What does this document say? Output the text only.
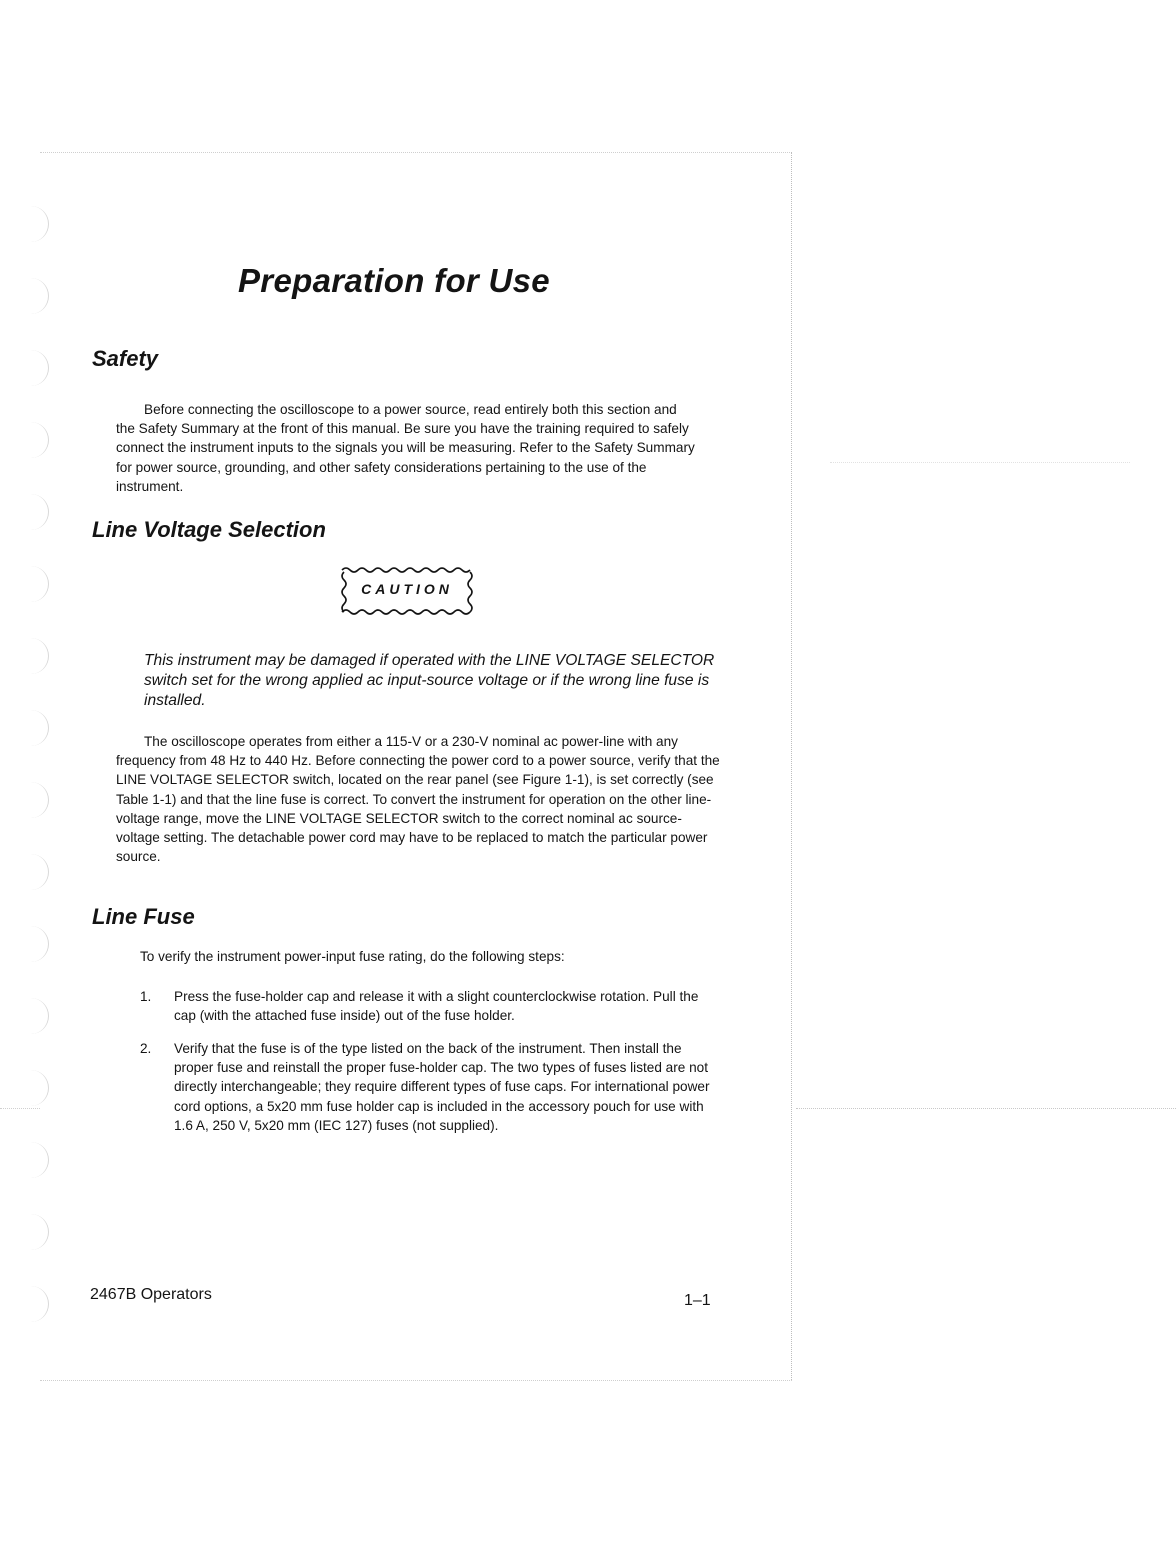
Preparation for Use
Safety

Before connecting the oscilloscope to a power source, read entirely both this section and the Safety Summary at the front of this manual. Be sure you have the training required to safely connect the instrument inputs to the signals you will be measuring. Refer to the Safety Summary for power source, grounding, and other safety considerations pertaining to the use of the instrument.

Line Voltage Selection
CAUTION

This instrument may be damaged if operated with the LINE VOLTAGE SELECTOR switch set for the wrong applied ac input-source voltage or if the wrong line fuse is installed.

The oscilloscope operates from either a 115-V or a 230-V nominal ac power-line with any frequency from 48 Hz to 440 Hz. Before connecting the power cord to a power source, verify that the LINE VOLTAGE SELECTOR switch, located on the rear panel (see Figure 1-1), is set correctly (see Table 1-1) and that the line fuse is correct. To convert the instrument for operation on the other line-voltage range, move the LINE VOLTAGE SELECTOR switch to the correct nominal ac source-voltage setting. The detachable power cord may have to be replaced to match the particular power source.

Line Fuse

To verify the instrument power-input fuse rating, do the following steps:

1. Press the fuse-holder cap and release it with a slight counterclockwise rotation. Pull the cap (with the attached fuse inside) out of the fuse holder.
2. Verify that the fuse is of the type listed on the back of the instrument. Then install the proper fuse and reinstall the proper fuse-holder cap. The two types of fuses listed are not directly interchangeable; they require different types of fuse caps. For international power cord options, a 5x20 mm fuse holder cap is included in the accessory pouch for use with 1.6 A, 250 V, 5x20 mm (IEC 127) fuses (not supplied).
2467B Operators	1–1
